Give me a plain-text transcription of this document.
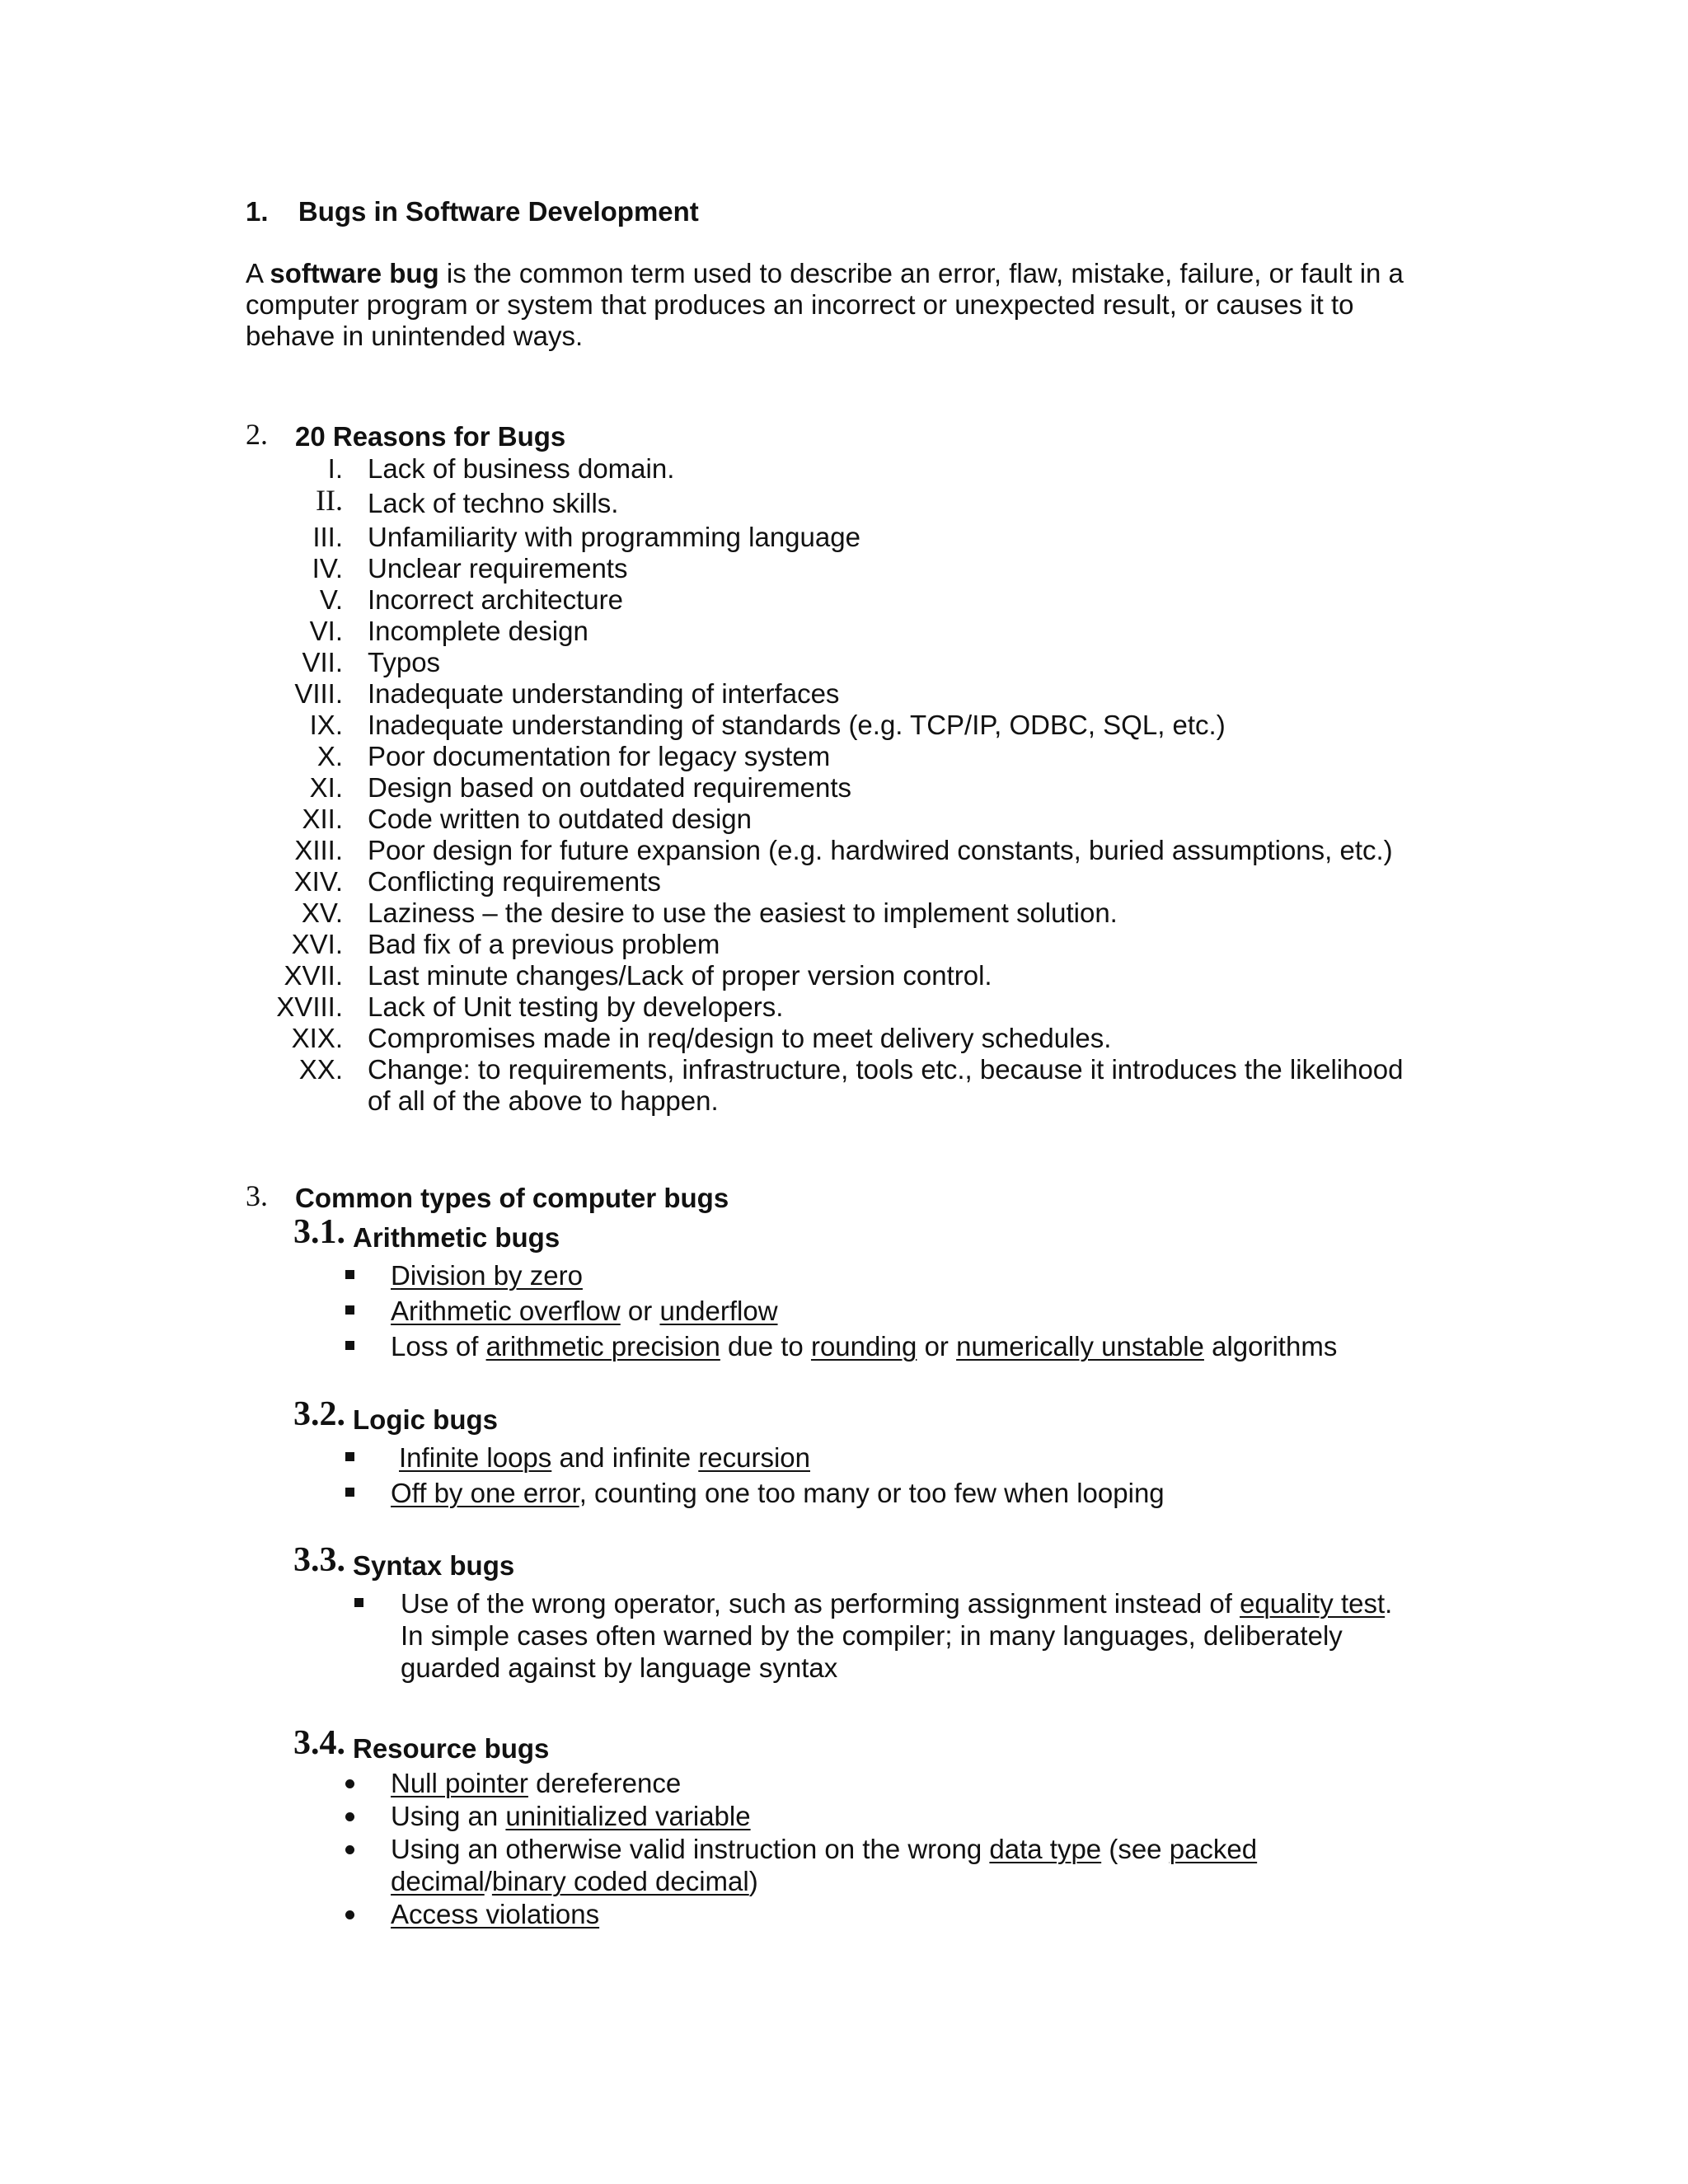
1. Bugs in Software Development
A software bug is the common term used to describe an error, flaw, mistake, failure, or fault in a
computer program or system that produces an incorrect or unexpected result, or causes it to
behave in unintended ways.
2. 20 Reasons for Bugs
I. Lack of business domain.
II. Lack of techno skills.
III. Unfamiliarity with programming language
IV. Unclear requirements
V. Incorrect architecture
VI. Incomplete design
VII. Typos
VIII. Inadequate understanding of interfaces
IX. Inadequate understanding of standards (e.g. TCP/IP, ODBC, SQL, etc.)
X. Poor documentation for legacy system
XI. Design based on outdated requirements
XII. Code written to outdated design
XIII. Poor design for future expansion (e.g. hardwired constants, buried assumptions, etc.)
XIV. Conflicting requirements
XV. Laziness – the desire to use the easiest to implement solution.
XVI. Bad fix of a previous problem
XVII. Last minute changes/Lack of proper version control.
XVIII. Lack of Unit testing by developers.
XIX. Compromises made in req/design to meet delivery schedules.
XX. Change: to requirements, infrastructure, tools etc., because it introduces the likelihood
of all of the above to happen.
3. Common types of computer bugs
3.1. Arithmetic bugs
Division by zero
Arithmetic overflow or underflow
Loss of arithmetic precision due to rounding or numerically unstable algorithms
3.2. Logic bugs
Infinite loops and infinite recursion
Off by one error, counting one too many or too few when looping
3.3. Syntax bugs
Use of the wrong operator, such as performing assignment instead of equality test.
In simple cases often warned by the compiler; in many languages, deliberately
guarded against by language syntax
3.4. Resource bugs
Null pointer dereference
Using an uninitialized variable
Using an otherwise valid instruction on the wrong data type (see packed
decimal/binary coded decimal)
Access violations
